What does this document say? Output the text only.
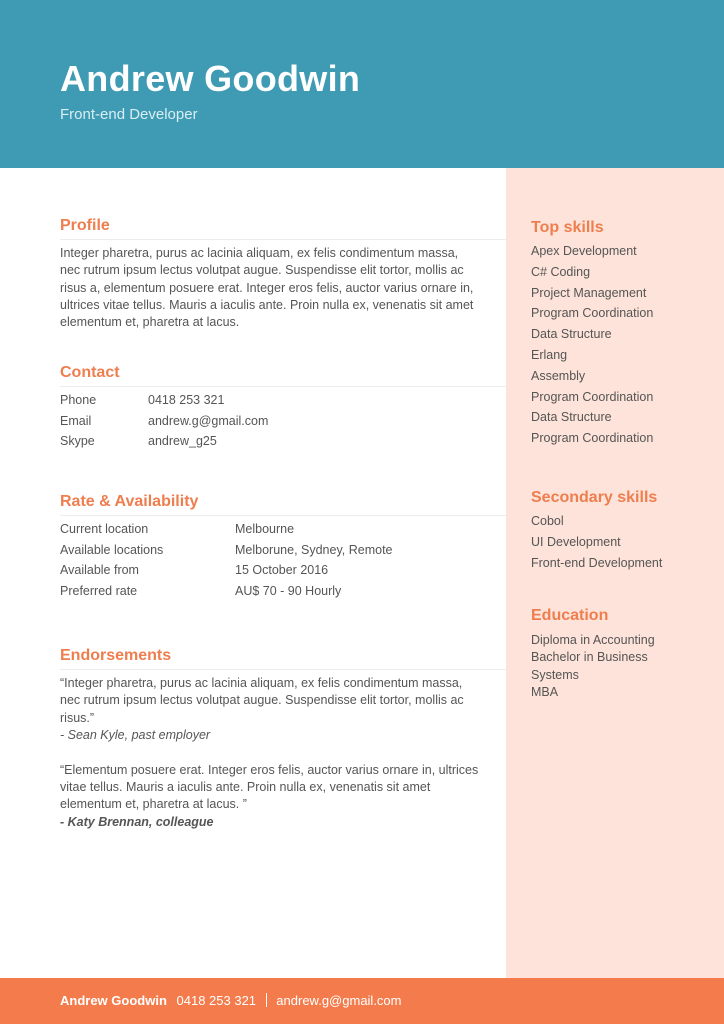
Andrew Goodwin
Front-end Developer
Profile
Integer pharetra, purus ac lacinia aliquam, ex felis condimentum massa, nec rutrum ipsum lectus volutpat augue. Suspendisse elit tortor, mollis ac risus a, elementum posuere erat. Integer eros felis, auctor varius ornare in, ultrices vitae tellus. Mauris a iaculis ante. Proin nulla ex, venenatis sit amet elementum et, pharetra at lacus.
Contact
Phone	0418 253 321
Email	andrew.g@gmail.com
Skype	andrew_g25
Rate & Availability
Current location	Melbourne
Available locations	Melborune, Sydney, Remote
Available from	15 October 2016
Preferred rate	AU$ 70 - 90 Hourly
Endorsements
“Integer pharetra, purus ac lacinia aliquam, ex felis condimentum massa, nec rutrum ipsum lectus volutpat augue. Suspendisse elit tortor, mollis ac risus.”
- Sean Kyle, past employer
“Elementum posuere erat. Integer eros felis, auctor varius ornare in, ultrices vitae tellus. Mauris a iaculis ante. Proin nulla ex, venenatis sit amet elementum et, pharetra at lacus. ”
- Katy Brennan, colleague
Top skills
Apex Development
C# Coding
Project Management
Program Coordination
Data Structure
Erlang
Assembly
Program Coordination
Data Structure
Program Coordination
Secondary skills
Cobol
UI Development
Front-end Development
Education
Diploma in Accounting
Bachelor in Business Systems
MBA
Andrew Goodwin 0418 253 321 andrew.g@gmail.com
